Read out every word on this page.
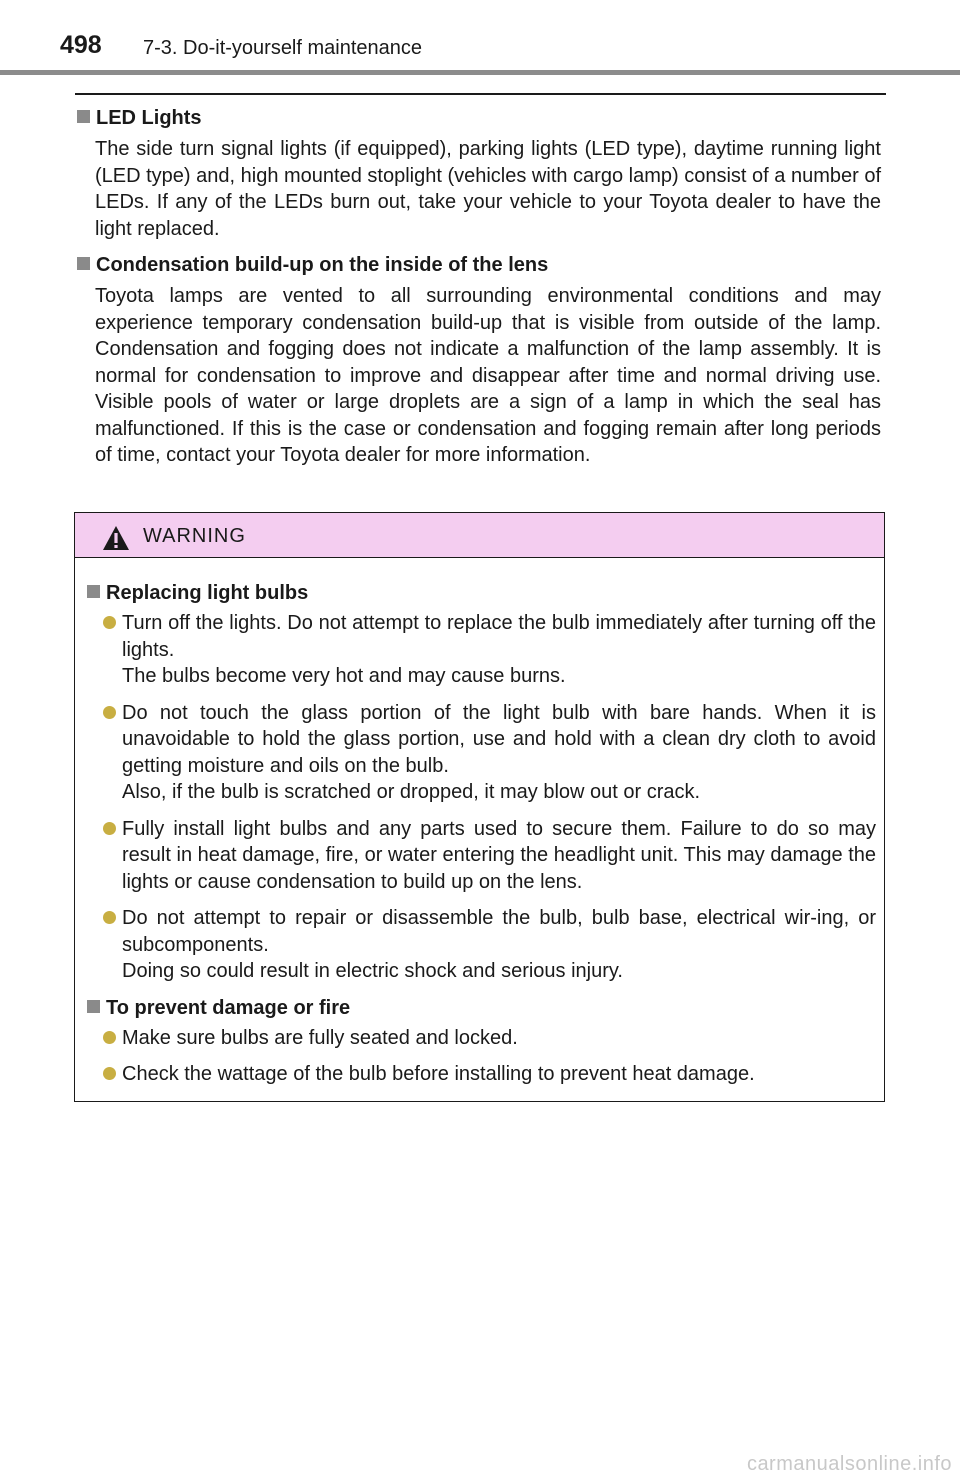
498 7-3. Do-it-yourself maintenance

LED Lights

The side turn signal lights (if equipped), parking lights (LED type), daytime running light (LED type) and, high mounted stoplight (vehicles with cargo lamp) consist of a number of LEDs. If any of the LEDs burn out, take your vehicle to your Toyota dealer to have the light replaced.

Condensation build-up on the inside of the lens

Toyota lamps are vented to all surrounding environmental conditions and may experience temporary condensation build-up that is visible from outside of the lamp. Condensation and fogging does not indicate a malfunction of the lamp assembly. It is normal for condensation to improve and disappear after time and normal driving use. Visible pools of water or large droplets are a sign of a lamp in which the seal has malfunctioned. If this is the case or condensation and fogging remain after long periods of time, contact your Toyota dealer for more information.

WARNING

Replacing light bulbs

Turn off the lights. Do not attempt to replace the bulb immediately after turning off the lights.

The bulbs become very hot and may cause burns.

Do not touch the glass portion of the light bulb with bare hands. When it is unavoidable to hold the glass portion, use and hold with a clean dry cloth to avoid getting moisture and oils on the bulb.

Also, if the bulb is scratched or dropped, it may blow out or crack.

Fully install light bulbs and any parts used to secure them. Failure to do so may result in heat damage, fire, or water entering the headlight unit. This may damage the lights or cause condensation to build up on the lens.

Do not attempt to repair or disassemble the bulb, bulb base, electrical wir-ing, or subcomponents.

Doing so could result in electric shock and serious injury.

To prevent damage or fire

Make sure bulbs are fully seated and locked.

Check the wattage of the bulb before installing to prevent heat damage.

carmanualsonline.info
